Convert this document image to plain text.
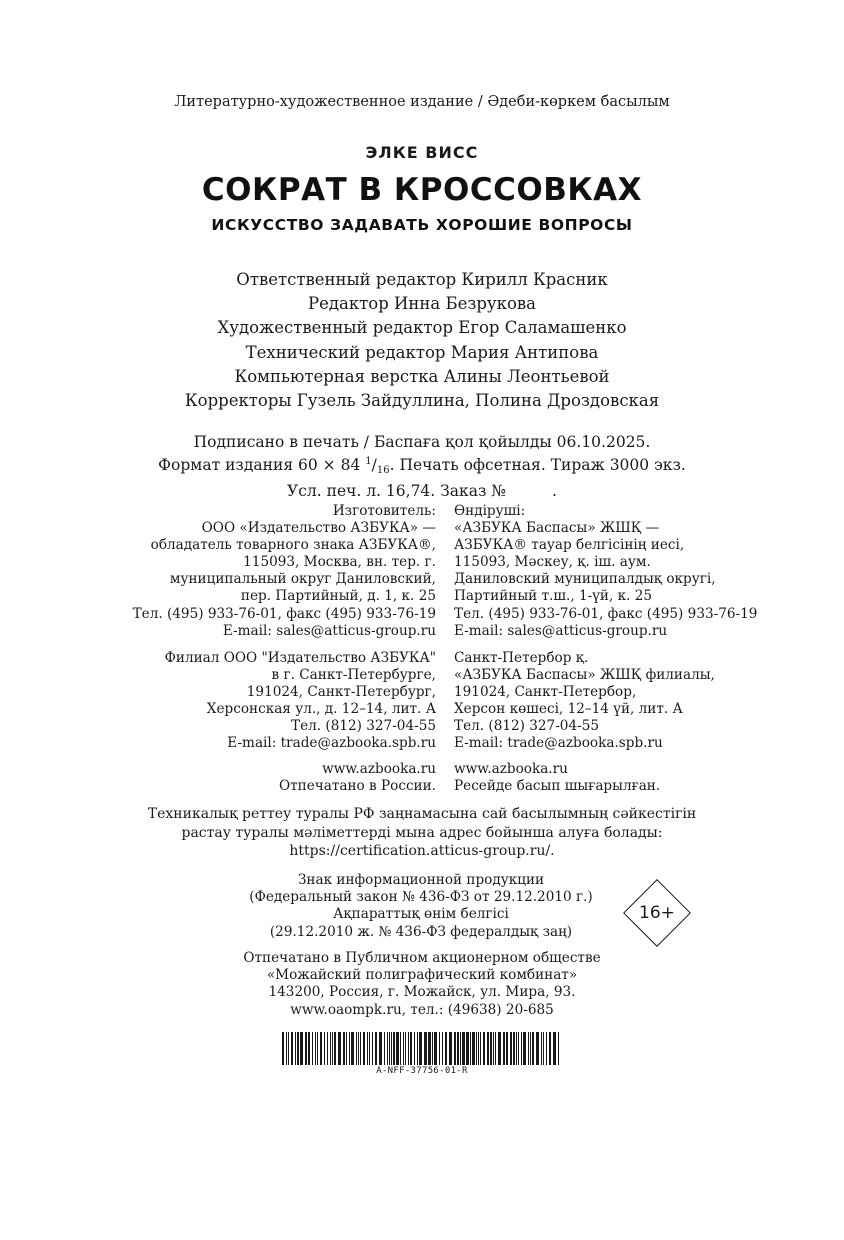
Литературно-художественное издание / Әдеби-көркем басылым
ЭЛКЕ ВИСС
СОКРАТ В КРОССОВКАХ
ИСКУССТВО ЗАДАВАТЬ ХОРОШИЕ ВОПРОСЫ
Ответственный редактор Кирилл Красник
Редактор Инна Безрукова
Художественный редактор Егор Саламашенко
Технический редактор Мария Антипова
Компьютерная верстка Алины Леонтьевой
Корректоры Гузель Зайдуллина, Полина Дроздовская
Подписано в печать / Баспаға қол қойылды 06.10.2025.
Формат издания 60 × 84 $^1$/16. Печать офсетная. Тираж 3000 экз.
Усл. печ. л. 16,74. Заказ №	.
Изготовитель:
ООО «Издательство АЗБУКА» —
обладатель товарного знака АЗБУКА®,
115093, Москва, вн. тер. г.
муниципальный округ Даниловский,
пер. Партийный, д. 1, к. 25
Тел. (495) 933-76-01, факс (495) 933-76-19
E-mail: sales@atticus-group.ru
Өндіруші:
«АЗБУКА Баспасы» ЖШҚ —
АЗБУКА® тауар белгісінің иесі,
115093, Мәскеу, қ. іш. аум.
Даниловский муниципалдық округі,
Партийный т.ш., 1-үй, к. 25
Тел. (495) 933-76-01, факс (495) 933-76-19
E-mail: sales@atticus-group.ru
Филиал ООО "Издательство АЗБУКА"
в г. Санкт-Петербурге,
191024, Санкт-Петербург,
Херсонская ул., д. 12–14, лит. А
Тел. (812) 327-04-55
E-mail: trade@azbooka.spb.ru
Санкт-Петербор қ.
«АЗБУКА Баспасы» ЖШҚ филиалы,
191024, Санкт-Петербор,
Херсон көшесі, 12–14 үй, лит. А
Тел. (812) 327-04-55
E-mail: trade@azbooka.spb.ru
www.azbooka.ru
Отпечатано в России.
www.azbooka.ru
Ресейде басып шығарылған.
Техникалық реттеу туралы РФ заңнамасына сай басылымның сәйкестігін
растау туралы мәліметтерді мына адрес бойынша алуға болады:
https://certification.atticus-group.ru/.
Знак информационной продукции
(Федеральный закон № 436-ФЗ от 29.12.2010 г.)
Ақпараттық өнім белгісі
(29.12.2010 ж. № 436-ФЗ федералдық заң)
16+
Отпечатано в Публичном акционерном обществе
«Можайский полиграфический комбинат»
143200, Россия, г. Можайск, ул. Мира, 93.
www.oaompk.ru, тел.: (49638) 20-685
A-NFF-37756-01-R
